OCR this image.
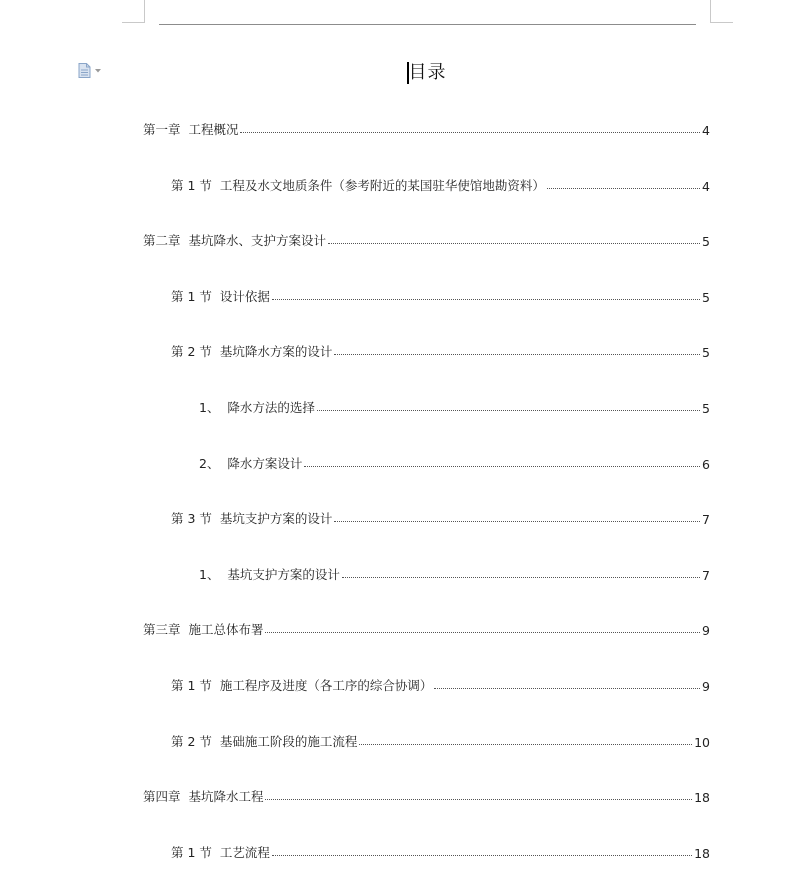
目录
第一章  工程概况	4
第 1 节  工程及水文地质条件（参考附近的某国驻华使馆地勘资料）	4
第二章  基坑降水、支护方案设计	5
第 1 节  设计依据	5
第 2 节  基坑降水方案的设计	5
1、  降水方法的选择	5
2、  降水方案设计	6
第 3 节  基坑支护方案的设计	7
1、  基坑支护方案的设计	7
第三章  施工总体布署	9
第 1 节  施工程序及进度（各工序的综合协调）	9
第 2 节  基础施工阶段的施工流程	10
第四章  基坑降水工程	18
第 1 节  工艺流程	18
